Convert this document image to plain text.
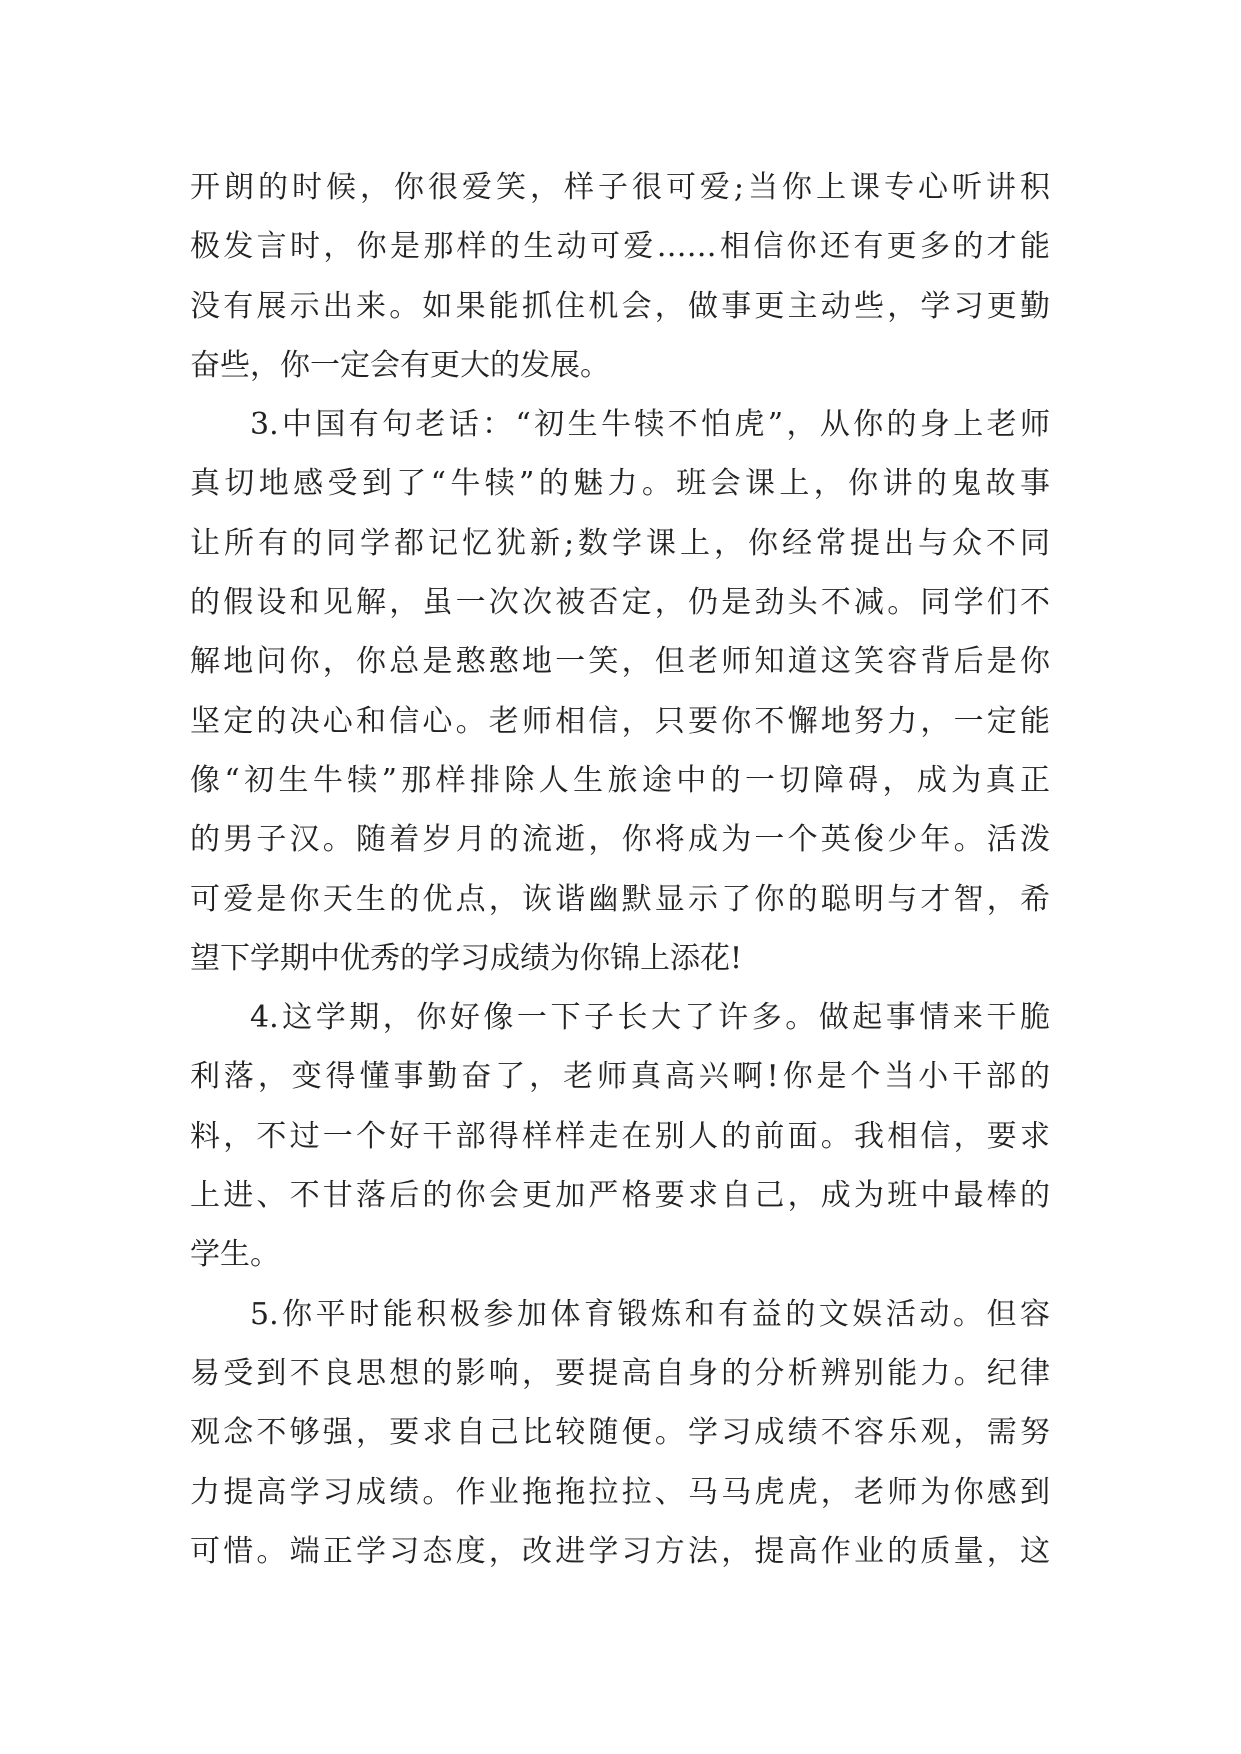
开朗的时候，你很爱笑，样子很可爱;当你上课专心听讲积
极发言时，你是那样的生动可爱……相信你还有更多的才能
没有展示出来。如果能抓住机会，做事更主动些，学习更勤
奋些，你一定会有更大的发展。
3.中国有句老话：“初生牛犊不怕虎”，从你的身上老师
真切地感受到了“牛犊”的魅力。班会课上，你讲的鬼故事
让所有的同学都记忆犹新;数学课上，你经常提出与众不同
的假设和见解，虽一次次被否定，仍是劲头不减。同学们不
解地问你，你总是憨憨地一笑，但老师知道这笑容背后是你
坚定的决心和信心。老师相信，只要你不懈地努力，一定能
像“初生牛犊”那样排除人生旅途中的一切障碍，成为真正
的男子汉。随着岁月的流逝，你将成为一个英俊少年。活泼
可爱是你天生的优点，诙谐幽默显示了你的聪明与才智，希
望下学期中优秀的学习成绩为你锦上添花!
4.这学期，你好像一下子长大了许多。做起事情来干脆
利落，变得懂事勤奋了，老师真高兴啊!你是个当小干部的
料，不过一个好干部得样样走在别人的前面。我相信，要求
上进、不甘落后的你会更加严格要求自己，成为班中最棒的
学生。
5.你平时能积极参加体育锻炼和有益的文娱活动。但容
易受到不良思想的影响，要提高自身的分析辨别能力。纪律
观念不够强，要求自己比较随便。学习成绩不容乐观，需努
力提高学习成绩。作业拖拖拉拉、马马虎虎，老师为你感到
可惜。端正学习态度，改进学习方法，提高作业的质量，这
